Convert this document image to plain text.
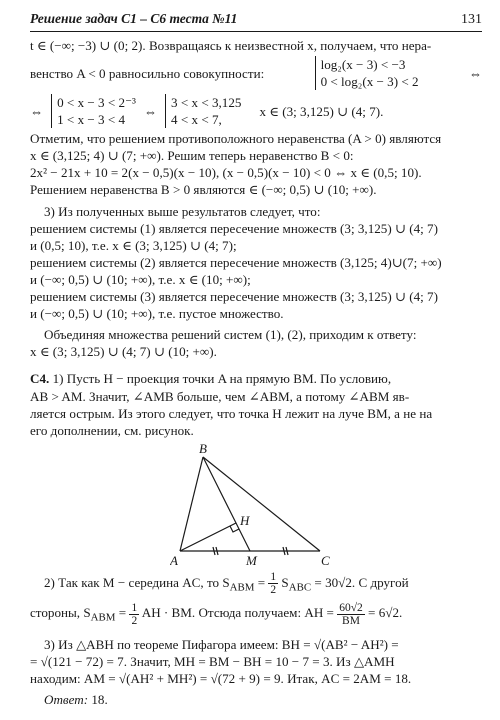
Решение задач С1 – С6 теста №11	131
t ∈ (−∞; −3) ∪ (0; 2). Возвращаясь к неизвестной x, получаем, что нера-
венство A < 0 равносильно совокупности:
log₂(x − 3) < −3
0 < log₂(x − 3) < 2
⇔
⇔
0 < x − 3 < 2⁻³
1 < x − 3 < 4
⇔
3 < x < 3,125
4 < x < 7,
x ∈ (3; 3,125) ∪ (4; 7).
Отметим, что решением противоположного неравенства (A > 0) являются
x ∈ (3,125; 4) ∪ (7; +∞). Решим теперь неравенство B < 0:
2x² − 21x + 10 = 2(x − 0,5)(x − 10), (x − 0,5)(x − 10) < 0 ⇔ x ∈ (0,5; 10).
Решением неравенства B > 0 являются ∈ (−∞; 0,5) ∪ (10; +∞).
3) Из полученных выше результатов следует, что:
решением системы (1) является пересечение множеств (3; 3,125) ∪ (4; 7)
и (0,5; 10), т.е. x ∈ (3; 3,125) ∪ (4; 7);
решением системы (2) является пересечение множеств (3,125; 4)∪(7; +∞)
и (−∞; 0,5) ∪ (10; +∞), т.е. x ∈ (10; +∞);
решением системы (3) является пересечение множеств (3; 3,125) ∪ (4; 7)
и (−∞; 0,5) ∪ (10; +∞), т.е. пустое множество.
Объединяя множества решений систем (1), (2), приходим к ответу:
x ∈ (3; 3,125) ∪ (4; 7) ∪ (10; +∞).
С4. 1) Пусть H − проекция точки A на прямую BM. По условию,
AB > AM. Значит, ∠AMB больше, чем ∠ABM, а потому ∠ABM яв-
ляется острым. Из этого следует, что точка H лежит на луче BM, а не на
его дополнении, см. рисунок.
B
H
A	M	C
2) Так как M − середина AC, то $S_{ABM} = \frac{1}{2} S_{ABC} = 30√2$. С другой
стороны, $S_{ABM} = \frac{1}{2}$ AH · BM. Отсюда получаем: AH = $\frac{60√2}{BM} = 6√2$.
3) Из △ABH по теореме Пифагора имеем: BH = √(AB² − AH²) =
= √(121 − 72) = 7. Значит, MH = BM − BH = 10 − 7 = 3. Из △AMH
находим: AM = √(AH² + MH²) = √(72 + 9) = 9. Итак, AC = 2AM = 18.
Ответ: 18.
